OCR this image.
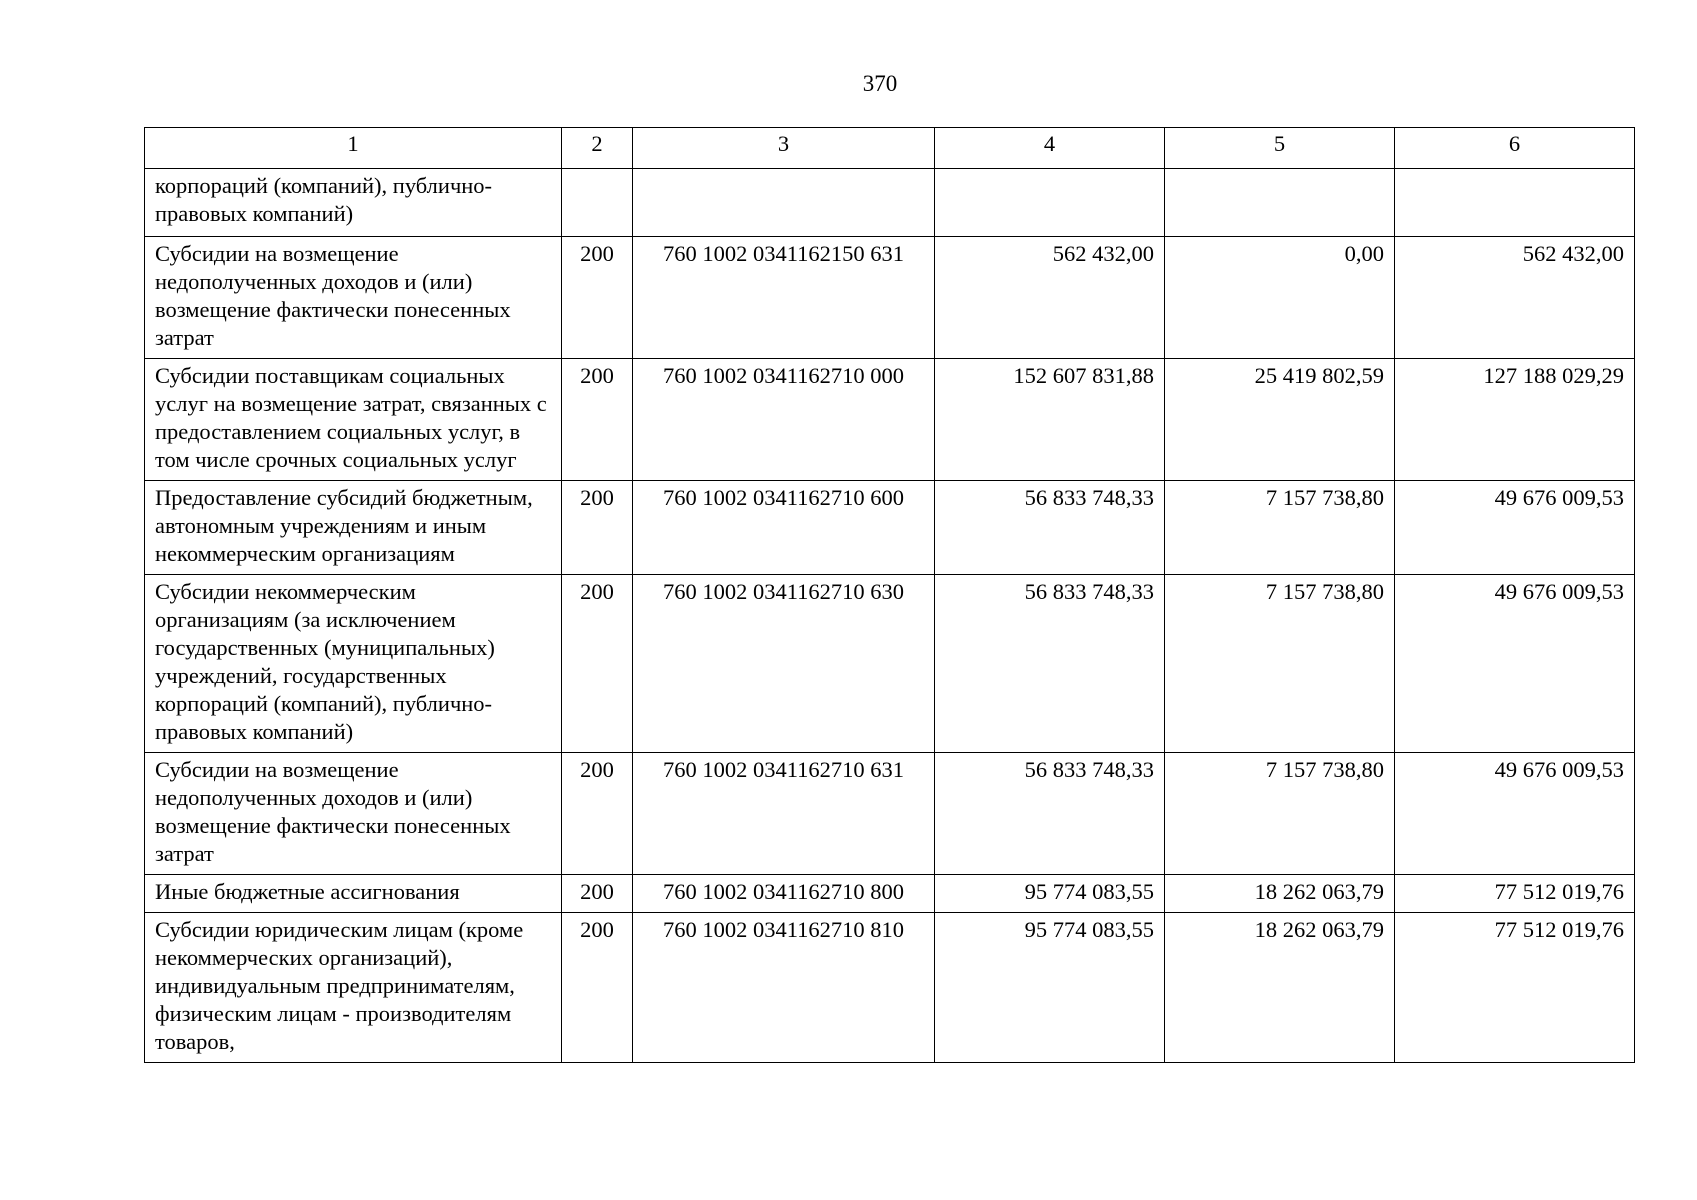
370
1	2	3	4	5	6
корпораций (компаний), публично-правовых компаний)					
Субсидии на возмещение недополученных доходов и (или) возмещение фактически понесенных затрат	200	760 1002 0341162150 631	562 432,00	0,00	562 432,00
Субсидии поставщикам социальных услуг на возмещение затрат, связанных с предоставлением социальных услуг, в том числе срочных социальных услуг	200	760 1002 0341162710 000	152 607 831,88	25 419 802,59	127 188 029,29
Предоставление субсидий бюджетным, автономным учреждениям и иным некоммерческим организациям	200	760 1002 0341162710 600	56 833 748,33	7 157 738,80	49 676 009,53
Субсидии некоммерческим организациям (за исключением государственных (муниципальных) учреждений, государственных корпораций (компаний), публично-правовых компаний)	200	760 1002 0341162710 630	56 833 748,33	7 157 738,80	49 676 009,53
Субсидии на возмещение недополученных доходов и (или) возмещение фактически понесенных затрат	200	760 1002 0341162710 631	56 833 748,33	7 157 738,80	49 676 009,53
Иные бюджетные ассигнования	200	760 1002 0341162710 800	95 774 083,55	18 262 063,79	77 512 019,76
Субсидии юридическим лицам (кроме некоммерческих организаций), индивидуальным предпринимателям, физическим лицам - производителям товаров,	200	760 1002 0341162710 810	95 774 083,55	18 262 063,79	77 512 019,76
